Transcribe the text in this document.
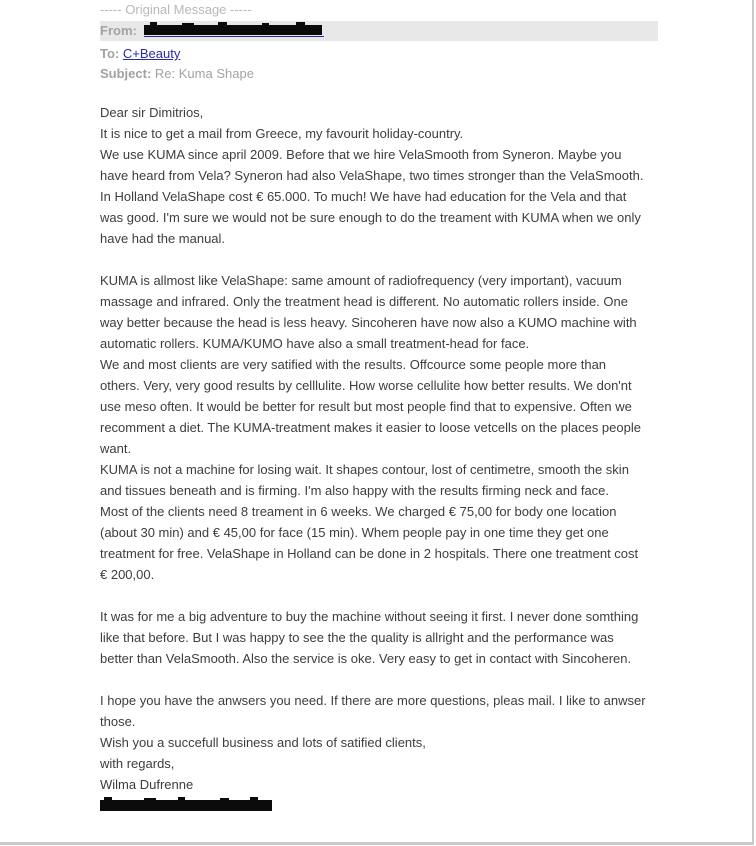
----- Original Message -----
From:
To: C+Beauty
Subject: Re: Kuma Shape
Dear sir Dimitrios,
It is nice to get a mail from Greece, my favourit holiday-country.
We use KUMA since april 2009. Before that we hire VelaSmooth from Syneron. Maybe you
have heard from Vela? Syneron had also VelaShape, two times stronger than the VelaSmooth.
In Holland VelaShape cost € 65.000. To much! We have had education for the Vela and that
was good. I'm sure we would not be sure enough to do the treament with KUMA when we only
have had the manual.
KUMA is allmost like VelaShape: same amount of radiofrequency (very important), vacuum
massage and infrared. Only the treatment head is different. No automatic rollers inside. One
way better because the head is less heavy. Sincoheren have now also a KUMO machine with
automatic rollers. KUMA/KUMO have also a small treatment-head for face.
We and most clients are very satified with the results. Offcource some people more than
others. Very, very good results by celllulite. How worse cellulite how better results. We don'nt
use meso often. It would be better for result but most people find that to expensive. Often we
recomment a diet. The KUMA-treatment makes it easier to loose vetcells on the places people
want.
KUMA is not a machine for losing wait. It shapes contour, lost of centimetre, smooth the skin
and tissues beneath and is firming. I'm also happy with the results firming neck and face.
Most of the clients need 8 treament in 6 weeks. We charged € 75,00 for body one location
(about 30 min) and € 45,00 for face (15 min). Whem people pay in one time they get one
treatment for free. VelaShape in Holland can be done in 2 hospitals. There one treatment cost
€ 200,00.
It was for me a big adventure to buy the machine without seeing it first. I never done somthing
like that before. But I was happy to see the the quality is allright and the performance was
better than VelaSmooth. Also the service is oke. Very easy to get in contact with Sincoheren.
I hope you have the anwsers you need. If there are more questions, pleas mail. I like to anwser
those.
Wish you a succefull business and lots of satified clients,
with regards,
Wilma Dufrenne
